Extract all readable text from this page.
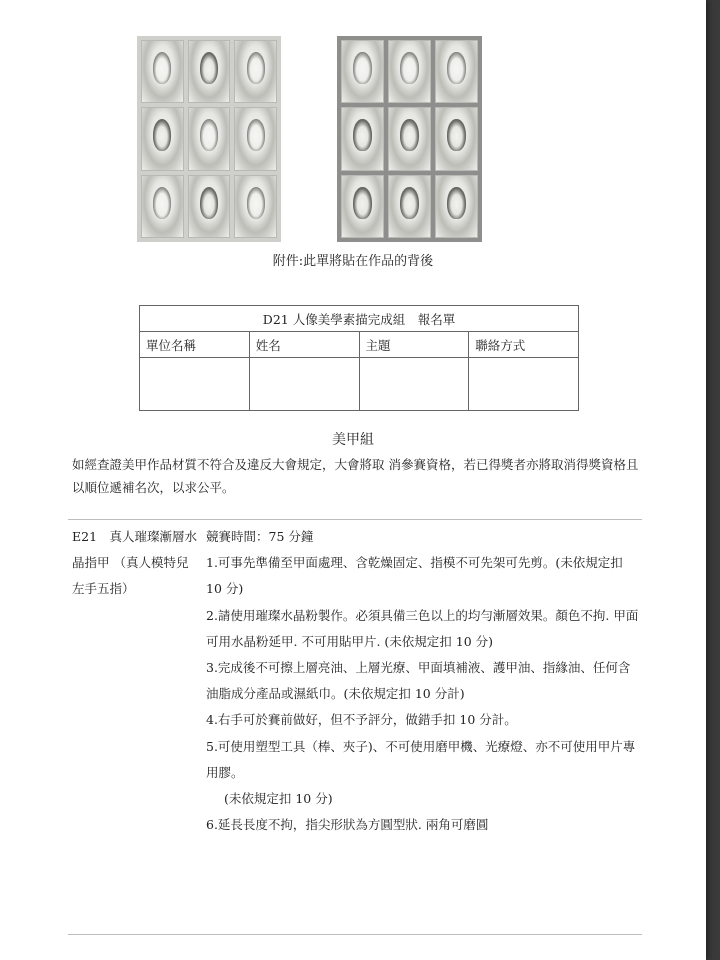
附件:此單將貼在作品的背後
D21 人像美學素描完成組　報名單			
單位名稱	姓名	主題	聯絡方式

美甲組
如經查證美甲作品材質不符合及違反大會規定，大會將取 消參賽資格，若已得獎者亦將取消得獎資格且以順位遞補名次，以求公平。
E21　真人璀璨漸層水晶指甲 （真人模特兒左手五指）

競賽時間：75 分鐘

1.可事先準備至甲面處理、含乾燥固定、指模不可先架可先剪。(未依規定扣 10 分)

2.請使用璀璨水晶粉製作。必須具備三色以上的均勻漸層效果。顏色不拘. 甲面可用水晶粉延甲. 不可用貼甲片. (未依規定扣 10 分)

3.完成後不可擦上層亮油、上層光療、甲面填補液、護甲油、指緣油、任何含油脂成分產品或濕紙巾。(未依規定扣 10 分計)

4.右手可於賽前做好，但不予評分，做錯手扣 10 分計。

5.可使用塑型工具（棒、夾子)、不可使用磨甲機、光療燈、亦不可使用甲片專用膠。

(未依規定扣 10 分)

6.延長長度不拘，指尖形狀為方圓型狀. 兩角可磨圓
